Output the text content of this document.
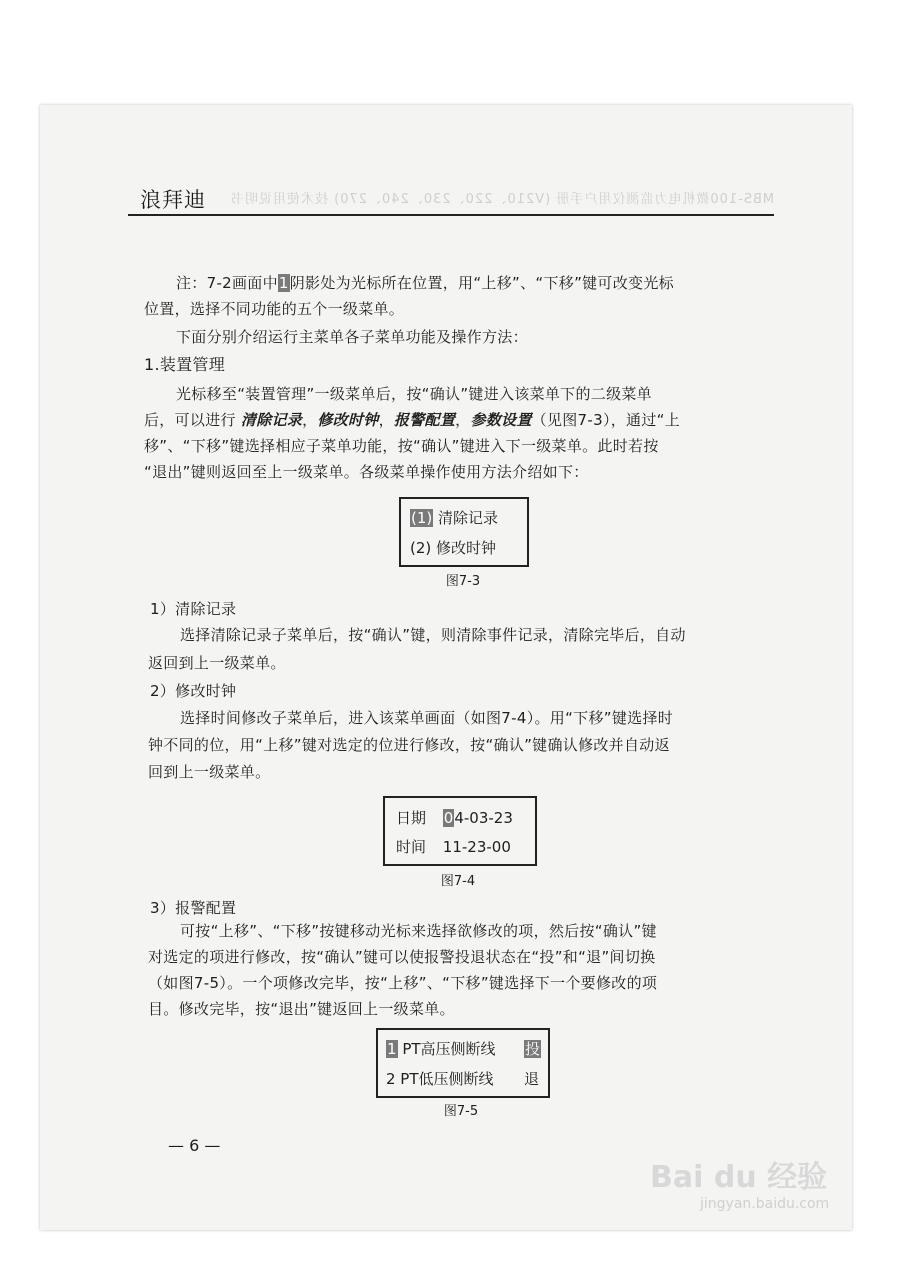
MBS-100微机电力监测仪用户手册 (V210、220、230、240、270) 技术使用说明书
浪拜迪
注：7-2画面中1阴影处为光标所在位置，用“上移”、“下移”键可改变光标
位置，选择不同功能的五个一级菜单。
下面分别介绍运行主菜单各子菜单功能及操作方法：
1.装置管理
光标移至“装置管理”一级菜单后，按“确认”键进入该菜单下的二级菜单
后，可以进行 清除记录，修改时钟，报警配置，参数设置（见图7-3），通过“上
移”、“下移”键选择相应子菜单功能，按“确认”键进入下一级菜单。此时若按
“退出”键则返回至上一级菜单。各级菜单操作使用方法介绍如下：
(1) 清除记录
(2) 修改时钟
图7-3
1）清除记录
选择清除记录子菜单后，按“确认”键，则清除事件记录，清除完毕后，自动
返回到上一级菜单。
2）修改时钟
选择时间修改子菜单后，进入该菜单画面（如图7-4）。用“下移”键选择时
钟不同的位，用“上移”键对选定的位进行修改，按“确认”键确认修改并自动返
回到上一级菜单。
日期 04-03-23
时间 11-23-00
图7-4
3）报警配置
可按“上移”、“下移”按键移动光标来选择欲修改的项，然后按“确认”键
对选定的项进行修改，按“确认”键可以使报警投退状态在“投”和“退”间切换
（如图7-5）。一个项修改完毕，按“上移”、“下移”键选择下一个要修改的项
目。修改完毕，按“退出”键返回上一级菜单。
1 PT高压侧断线 投
2 PT低压侧断线 退
图7-5
— 6 —
Bai du 经验
jingyan.baidu.com
